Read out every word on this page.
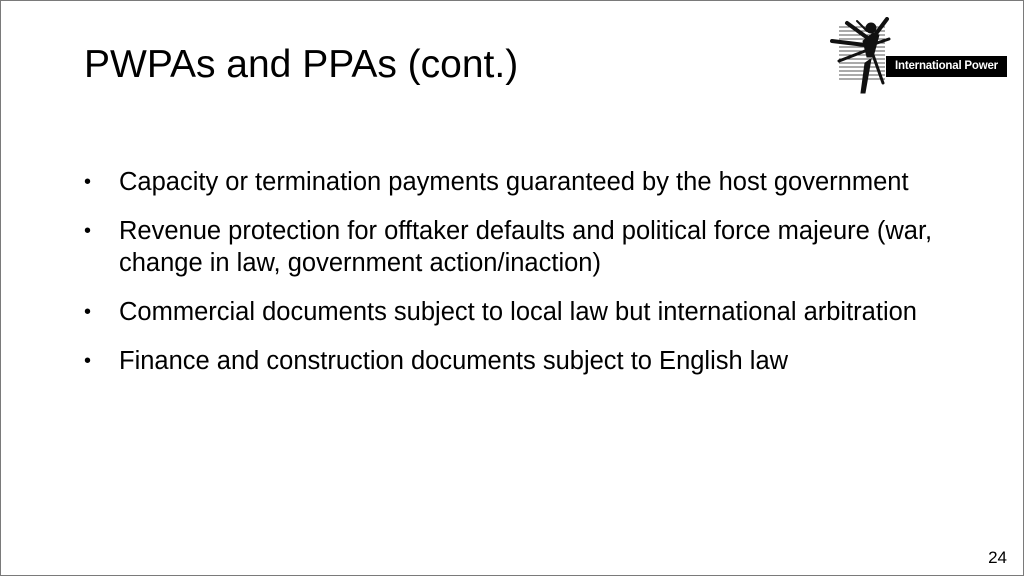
PWPAs and PPAs (cont.)	International Power
• Capacity or termination payments guaranteed by the host government
• Revenue protection for offtaker defaults and political force majeure (war, change in law, government action/inaction)
• Commercial documents subject to local law but international arbitration
• Finance and construction documents subject to English law
24
